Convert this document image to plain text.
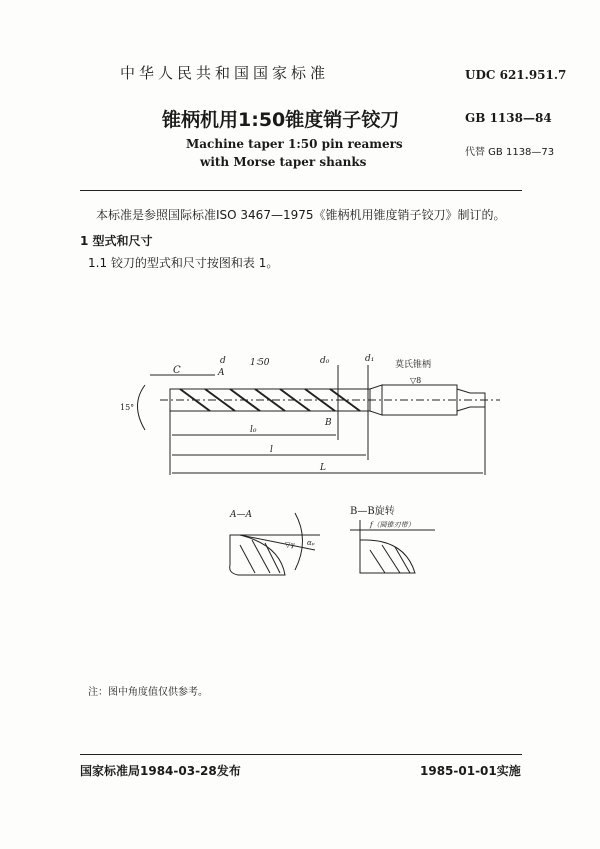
中华人民共和国国家标准	UDC 621.951.7
锥柄机用1:50锥度销子铰刀	GB 1138—84
Machine taper 1:50 pin reamers
with Morse taper shanks
代替 GB 1138—73
本标准是参照国际标准ISO 3467—1975《锥柄机用锥度销子铰刀》制订的。
1 型式和尺寸
1.1 铰刀的型式和尺寸按图和表 1。
C
d	d₀	d₁
1∶50	莫氏锥柄
▽8
15°
A
B
l₀
l
L
A—A	B—B旋转
f（圆锥刃带）
▽γ αₚ
注：图中角度值仅供参考。
国家标准局1984-03-28发布	1985-01-01实施
